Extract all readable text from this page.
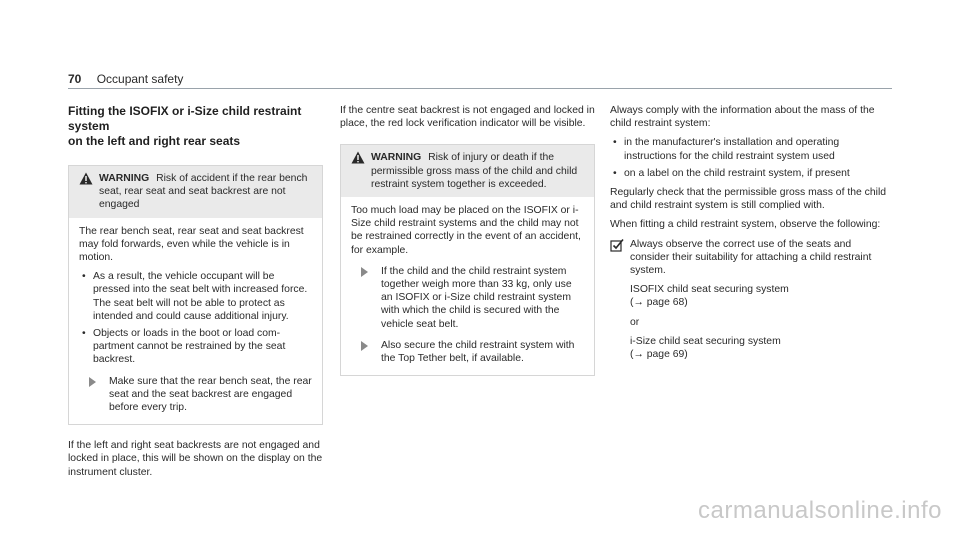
70 Occupant safety
Fitting the ISOFIX or i-Size child restraint system
on the left and right rear seats
WARNING Risk of accident if the rear bench seat, rear seat and seat backrest are not engaged

The rear bench seat, rear seat and seat backrest may fold forwards, even while the vehicle is in motion.

• As a result, the vehicle occupant will be pressed into the seat belt with increased force. The seat belt will not be able to protect as intended and could cause additional injury.
• Objects or loads in the boot or load compartment cannot be restrained by the seat backrest.
Make sure that the rear bench seat, the rear seat and the seat backrest are engaged before every trip.

If the left and right seat backrests are not engaged and locked in place, this will be shown on the display on the instrument cluster.

If the centre seat backrest is not engaged and locked in place, the red lock verification indicator will be visible.

WARNING Risk of injury or death if the permissible gross mass of the child and child restraint system together is exceeded.

Too much load may be placed on the ISOFIX or i-Size child restraint systems and the child may not be restrained correctly in the event of an accident, for example.

If the child and the child restraint system together weigh more than 33 kg, only use an ISOFIX or i-Size child restraint system with which the child is secured with the vehicle seat belt.
Also secure the child restraint system with the Top Tether belt, if available.

Always comply with the information about the mass of the child restraint system:

• in the manufacturer's installation and operating instructions for the child restraint system used
• on a label on the child restraint system, if present

Regularly check that the permissible gross mass of the child and child restraint system is still complied with.

When fitting a child restraint system, observe the following:

Always observe the correct use of the seats and consider their suitability for attaching a child restraint system.

ISOFIX child seat securing system
(→ page 68)
or
i-Size child seat securing system
(→ page 69)
carmanualsonline.info
